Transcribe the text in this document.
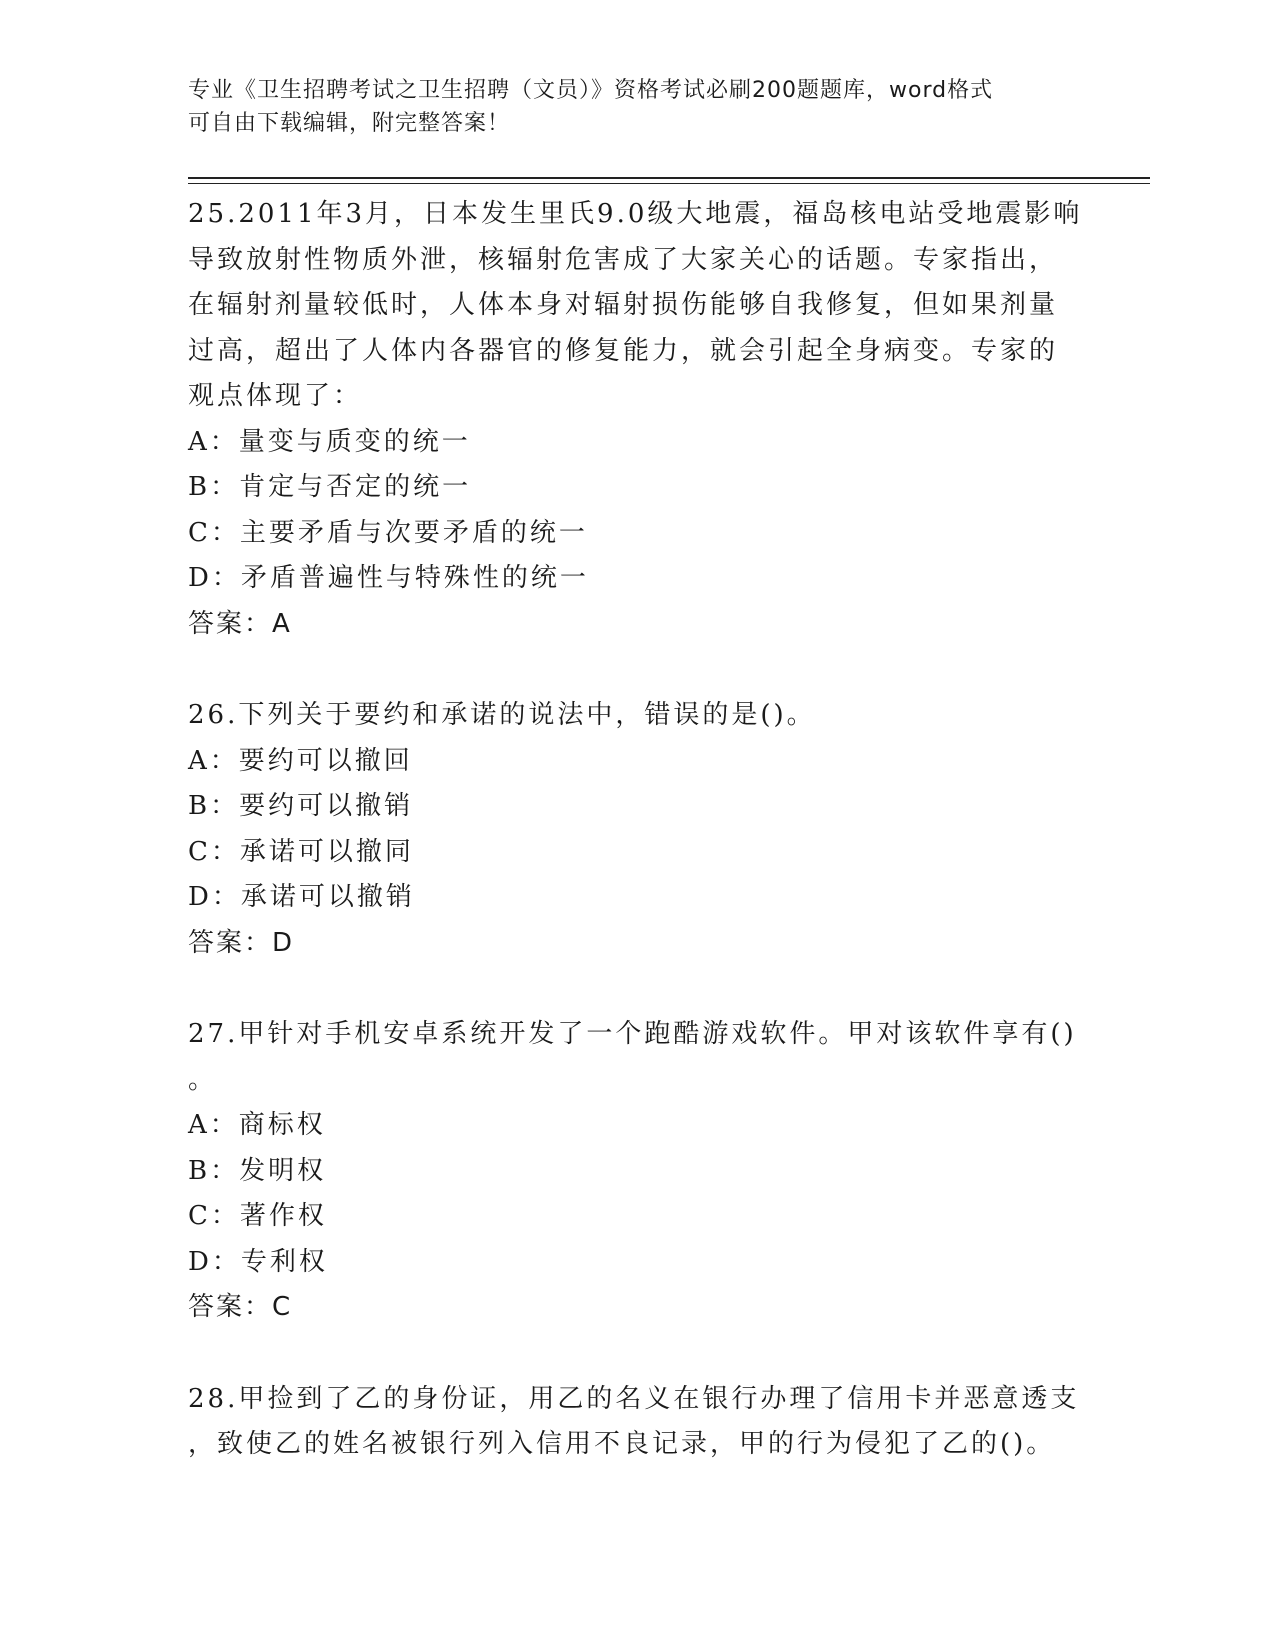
专业《卫生招聘考试之卫生招聘（文员）》资格考试必刷200题题库，word格式
可自由下载编辑，附完整答案！
25.2011年3月，日本发生里氏9.0级大地震，福岛核电站受地震影响
导致放射性物质外泄，核辐射危害成了大家关心的话题。专家指出，
在辐射剂量较低时，人体本身对辐射损伤能够自我修复，但如果剂量
过高，超出了人体内各器官的修复能力，就会引起全身病变。专家的
观点体现了：
A：量变与质变的统一
B：肯定与否定的统一
C：主要矛盾与次要矛盾的统一
D：矛盾普遍性与特殊性的统一
答案：A
26.下列关于要约和承诺的说法中，错误的是()。
A：要约可以撤回
B：要约可以撤销
C：承诺可以撤同
D：承诺可以撤销
答案：D
27.甲针对手机安卓系统开发了一个跑酷游戏软件。甲对该软件享有()
。
A：商标权
B：发明权
C：著作权
D：专利权
答案：C
28.甲捡到了乙的身份证，用乙的名义在银行办理了信用卡并恶意透支
，致使乙的姓名被银行列入信用不良记录，甲的行为侵犯了乙的()。
